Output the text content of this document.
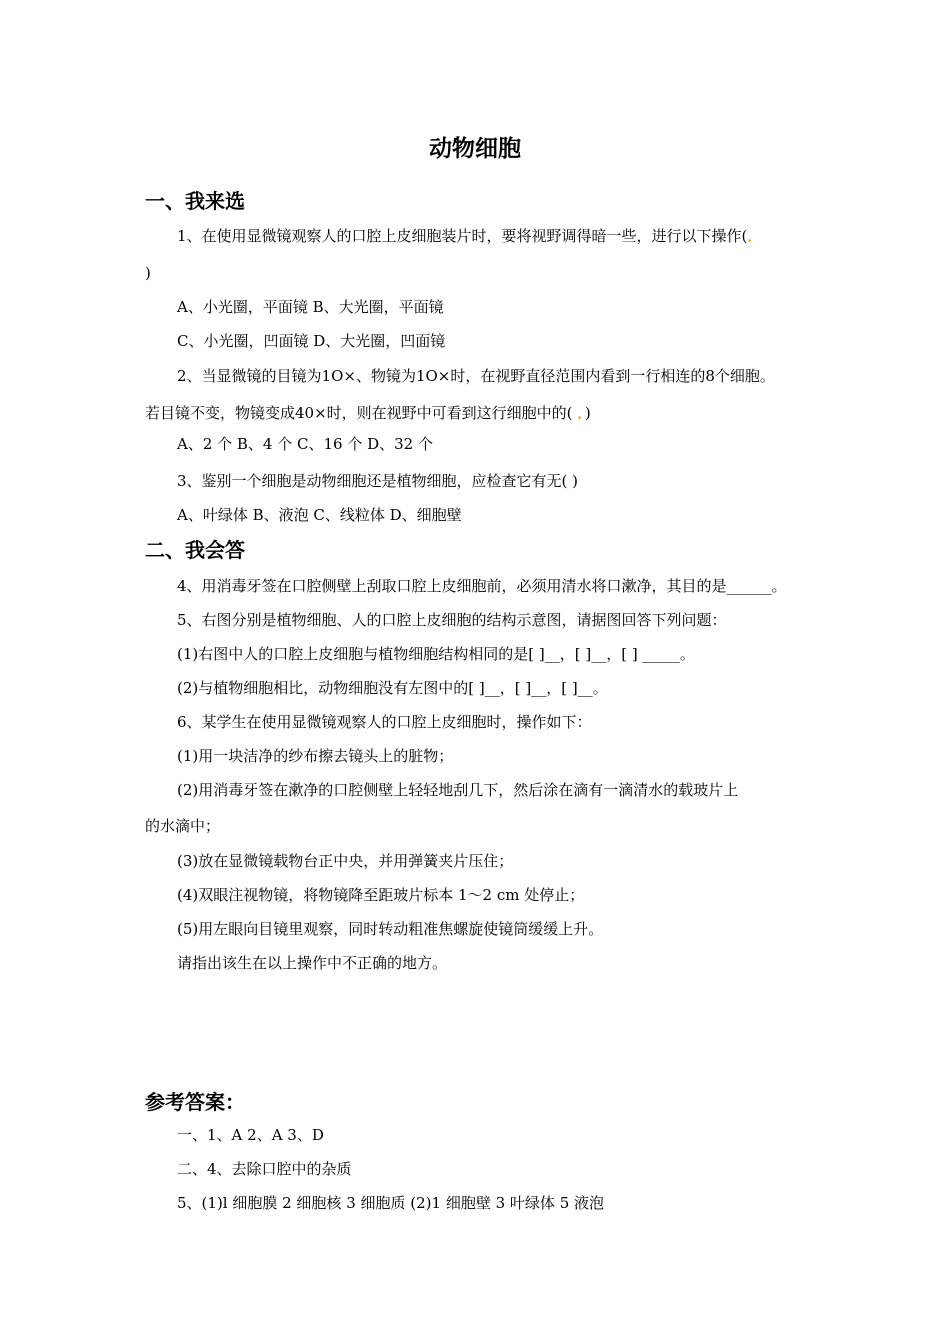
动物细胞
一、我来选
1、在使用显微镜观察人的口腔上皮细胞装片时，要将视野调得暗一些，进行以下操作(．
)
A、小光圈，平面镜 B、大光圈，平面镜
C、小光圈，凹面镜 D、大光圈，凹面镜
2、当显微镜的目镜为1O×、物镜为1O×时，在视野直径范围内看到一行相连的8个细胞。
若目镜不变，物镜变成40×时，则在视野中可看到这行细胞中的( ．)
A、2 个 B、4 个 C、16 个 D、32 个
3、鉴别一个细胞是动物细胞还是植物细胞，应检查它有无( )
A、叶绿体 B、液泡 C、线粒体 D、细胞壁
二、我会答
4、用消毒牙签在口腔侧壁上刮取口腔上皮细胞前，必须用清水将口漱净，其目的是______。
5、右图分别是植物细胞、人的口腔上皮细胞的结构示意图，请据图回答下列问题：
(1)右图中人的口腔上皮细胞与植物细胞结构相同的是[ ]__，[ ]__，[ ] _____。
(2)与植物细胞相比，动物细胞没有左图中的[ ]__，[ ]__，[ ]__。
6、某学生在使用显微镜观察人的口腔上皮细胞时，操作如下：
(1)用一块洁净的纱布擦去镜头上的脏物；
(2)用消毒牙签在漱净的口腔侧壁上轻轻地刮几下，然后涂在滴有一滴清水的载玻片上
的水滴中；
(3)放在显微镜载物台正中央，并用弹簧夹片压住；
(4)双眼注视物镜，将物镜降至距玻片标本 1～2 cm 处停止；
(5)用左眼向目镜里观察，同时转动粗准焦螺旋使镜筒缓缓上升。
请指出该生在以上操作中不正确的地方。
参考答案：
一、1、A 2、A 3、D
二、4、去除口腔中的杂质
5、(1)l 细胞膜 2 细胞核 3 细胞质 (2)1 细胞壁 3 叶绿体 5 液泡
